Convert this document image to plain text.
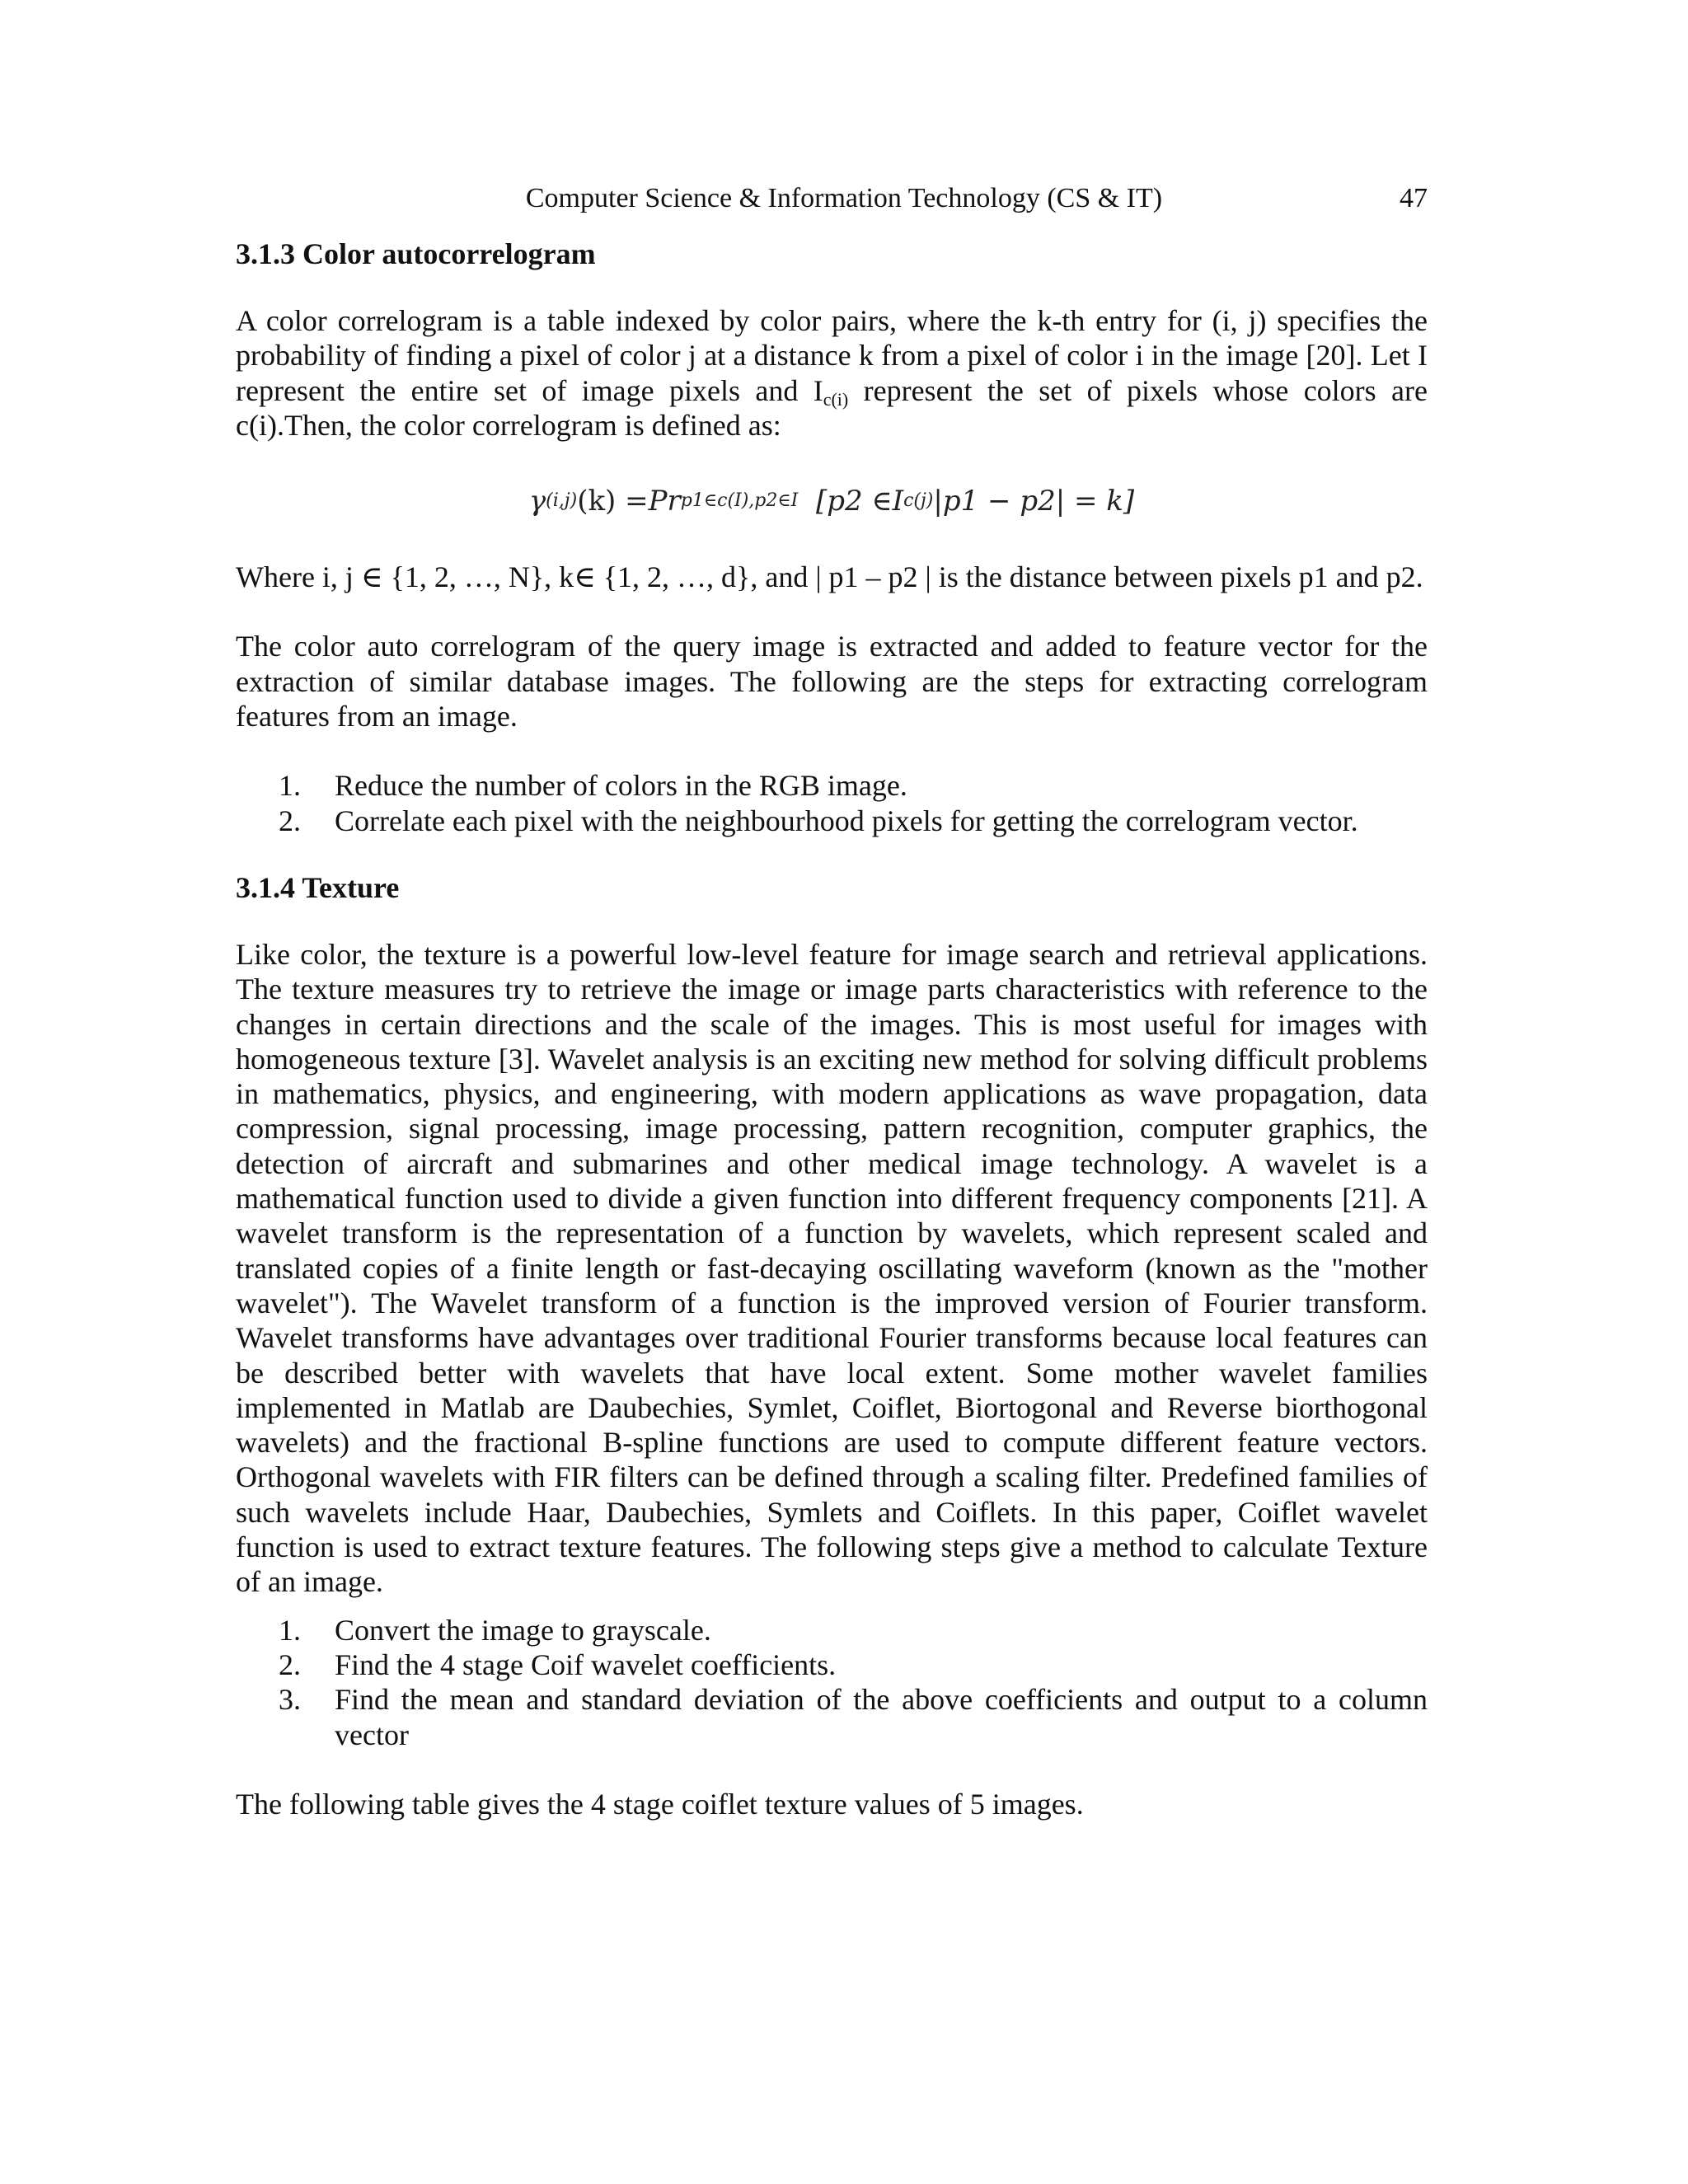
Computer Science & Information Technology (CS & IT)	47
3.1.3 Color autocorrelogram

A color correlogram is a table indexed by color pairs, where the k-th entry for (i, j) specifies the probability of finding a pixel of color j at a distance k from a pixel of color i in the image [20]. Let I represent the entire set of image pixels and $I_{c(i)}$ represent the set of pixels whose colors are c(i).Then, the color correlogram is defined as:

γ (i,j) (k) = Pr p1∈c(I),p2∈I
[p2 ∈ I c(j) |p1 − p2| = k]

Where i, j ∈ {1, 2, …, N}, k∈ {1, 2, …, d}, and | p1 – p2 | is the distance between pixels p1 and p2.

The color auto correlogram of the query image is extracted and added to feature vector for the extraction of similar database images. The following are the steps for extracting correlogram features from an image.

1.	Reduce the number of colors in the RGB image.
2.	Correlate each pixel with the neighbourhood pixels for getting the correlogram vector.
3.1.4 Texture

Like color, the texture is a powerful low-level feature for image search and retrieval applications. The texture measures try to retrieve the image or image parts characteristics with reference to the changes in certain directions and the scale of the images. This is most useful for images with homogeneous texture [3]. Wavelet analysis is an exciting new method for solving difficult problems in mathematics, physics, and engineering, with modern applications as wave propagation, data compression, signal processing, image processing, pattern recognition, computer graphics, the detection of aircraft and submarines and other medical image technology. A wavelet is a mathematical function used to divide a given function into different frequency components [21]. A wavelet transform is the representation of a function by wavelets, which represent scaled and translated copies of a finite length or fast-decaying oscillating waveform (known as the "mother wavelet"). The Wavelet transform of a function is the improved version of Fourier transform. Wavelet transforms have advantages over traditional Fourier transforms because local features can be described better with wavelets that have local extent. Some mother wavelet families implemented in Matlab are Daubechies, Symlet, Coiflet, Biortogonal and Reverse biorthogonal wavelets) and the fractional B-spline functions are used to compute different feature vectors. Orthogonal wavelets with FIR filters can be defined through a scaling filter. Predefined families of such wavelets include Haar, Daubechies, Symlets and Coiflets. In this paper, Coiflet wavelet function is used to extract texture features. The following steps give a method to calculate Texture of an image.

1.	Convert the image to grayscale.
2.	Find the 4 stage Coif wavelet coefficients.
3.	Find the mean and standard deviation of the above coefficients and output to a column vector

The following table gives the 4 stage coiflet texture values of 5 images.
